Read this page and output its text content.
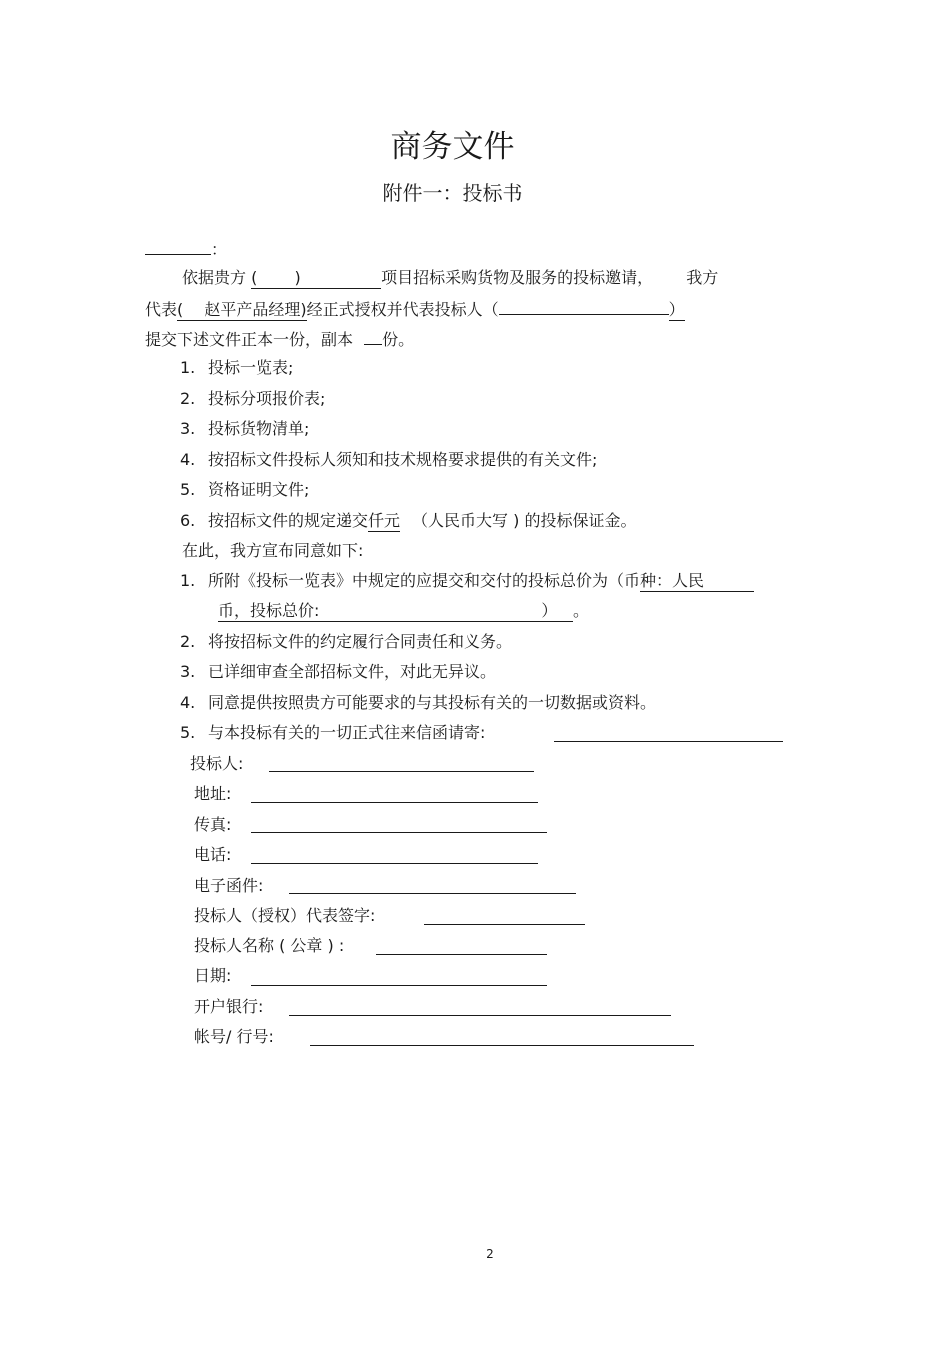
商务文件
附件一：投标书
：
依据贵方 (　　 )	项目招标采购货物及服务的投标邀请， 我方
代表(　 赵平产品经理)经正式授权并代表投标人（	）
提交下述文件正本一份，副本 份。
1. 投标一览表;
2. 投标分项报价表;
3. 投标货物清单;
4. 按招标文件投标人须知和技术规格要求提供的有关文件;
5. 资格证明文件;
6. 按招标文件的规定递交仟元 （人民币大写 ) 的投标保证金。
在此，我方宣布同意如下:
1. 所附《投标一览表》中规定的应提交和交付的投标总价为（币种：人民
币，投标总价:	） 。
2. 将按招标文件的约定履行合同责任和义务。
3. 已详细审查全部招标文件，对此无异议。
4. 同意提供按照贵方可能要求的与其投标有关的一切数据或资料。
5. 与本投标有关的一切正式往来信函请寄:
投标人:
地址:
传真:
电话:
电子函件:
投标人（授权）代表签字:
投标人名称 ( 公章 ) :
日期:
开户银行:
帐号/ 行号:
2
